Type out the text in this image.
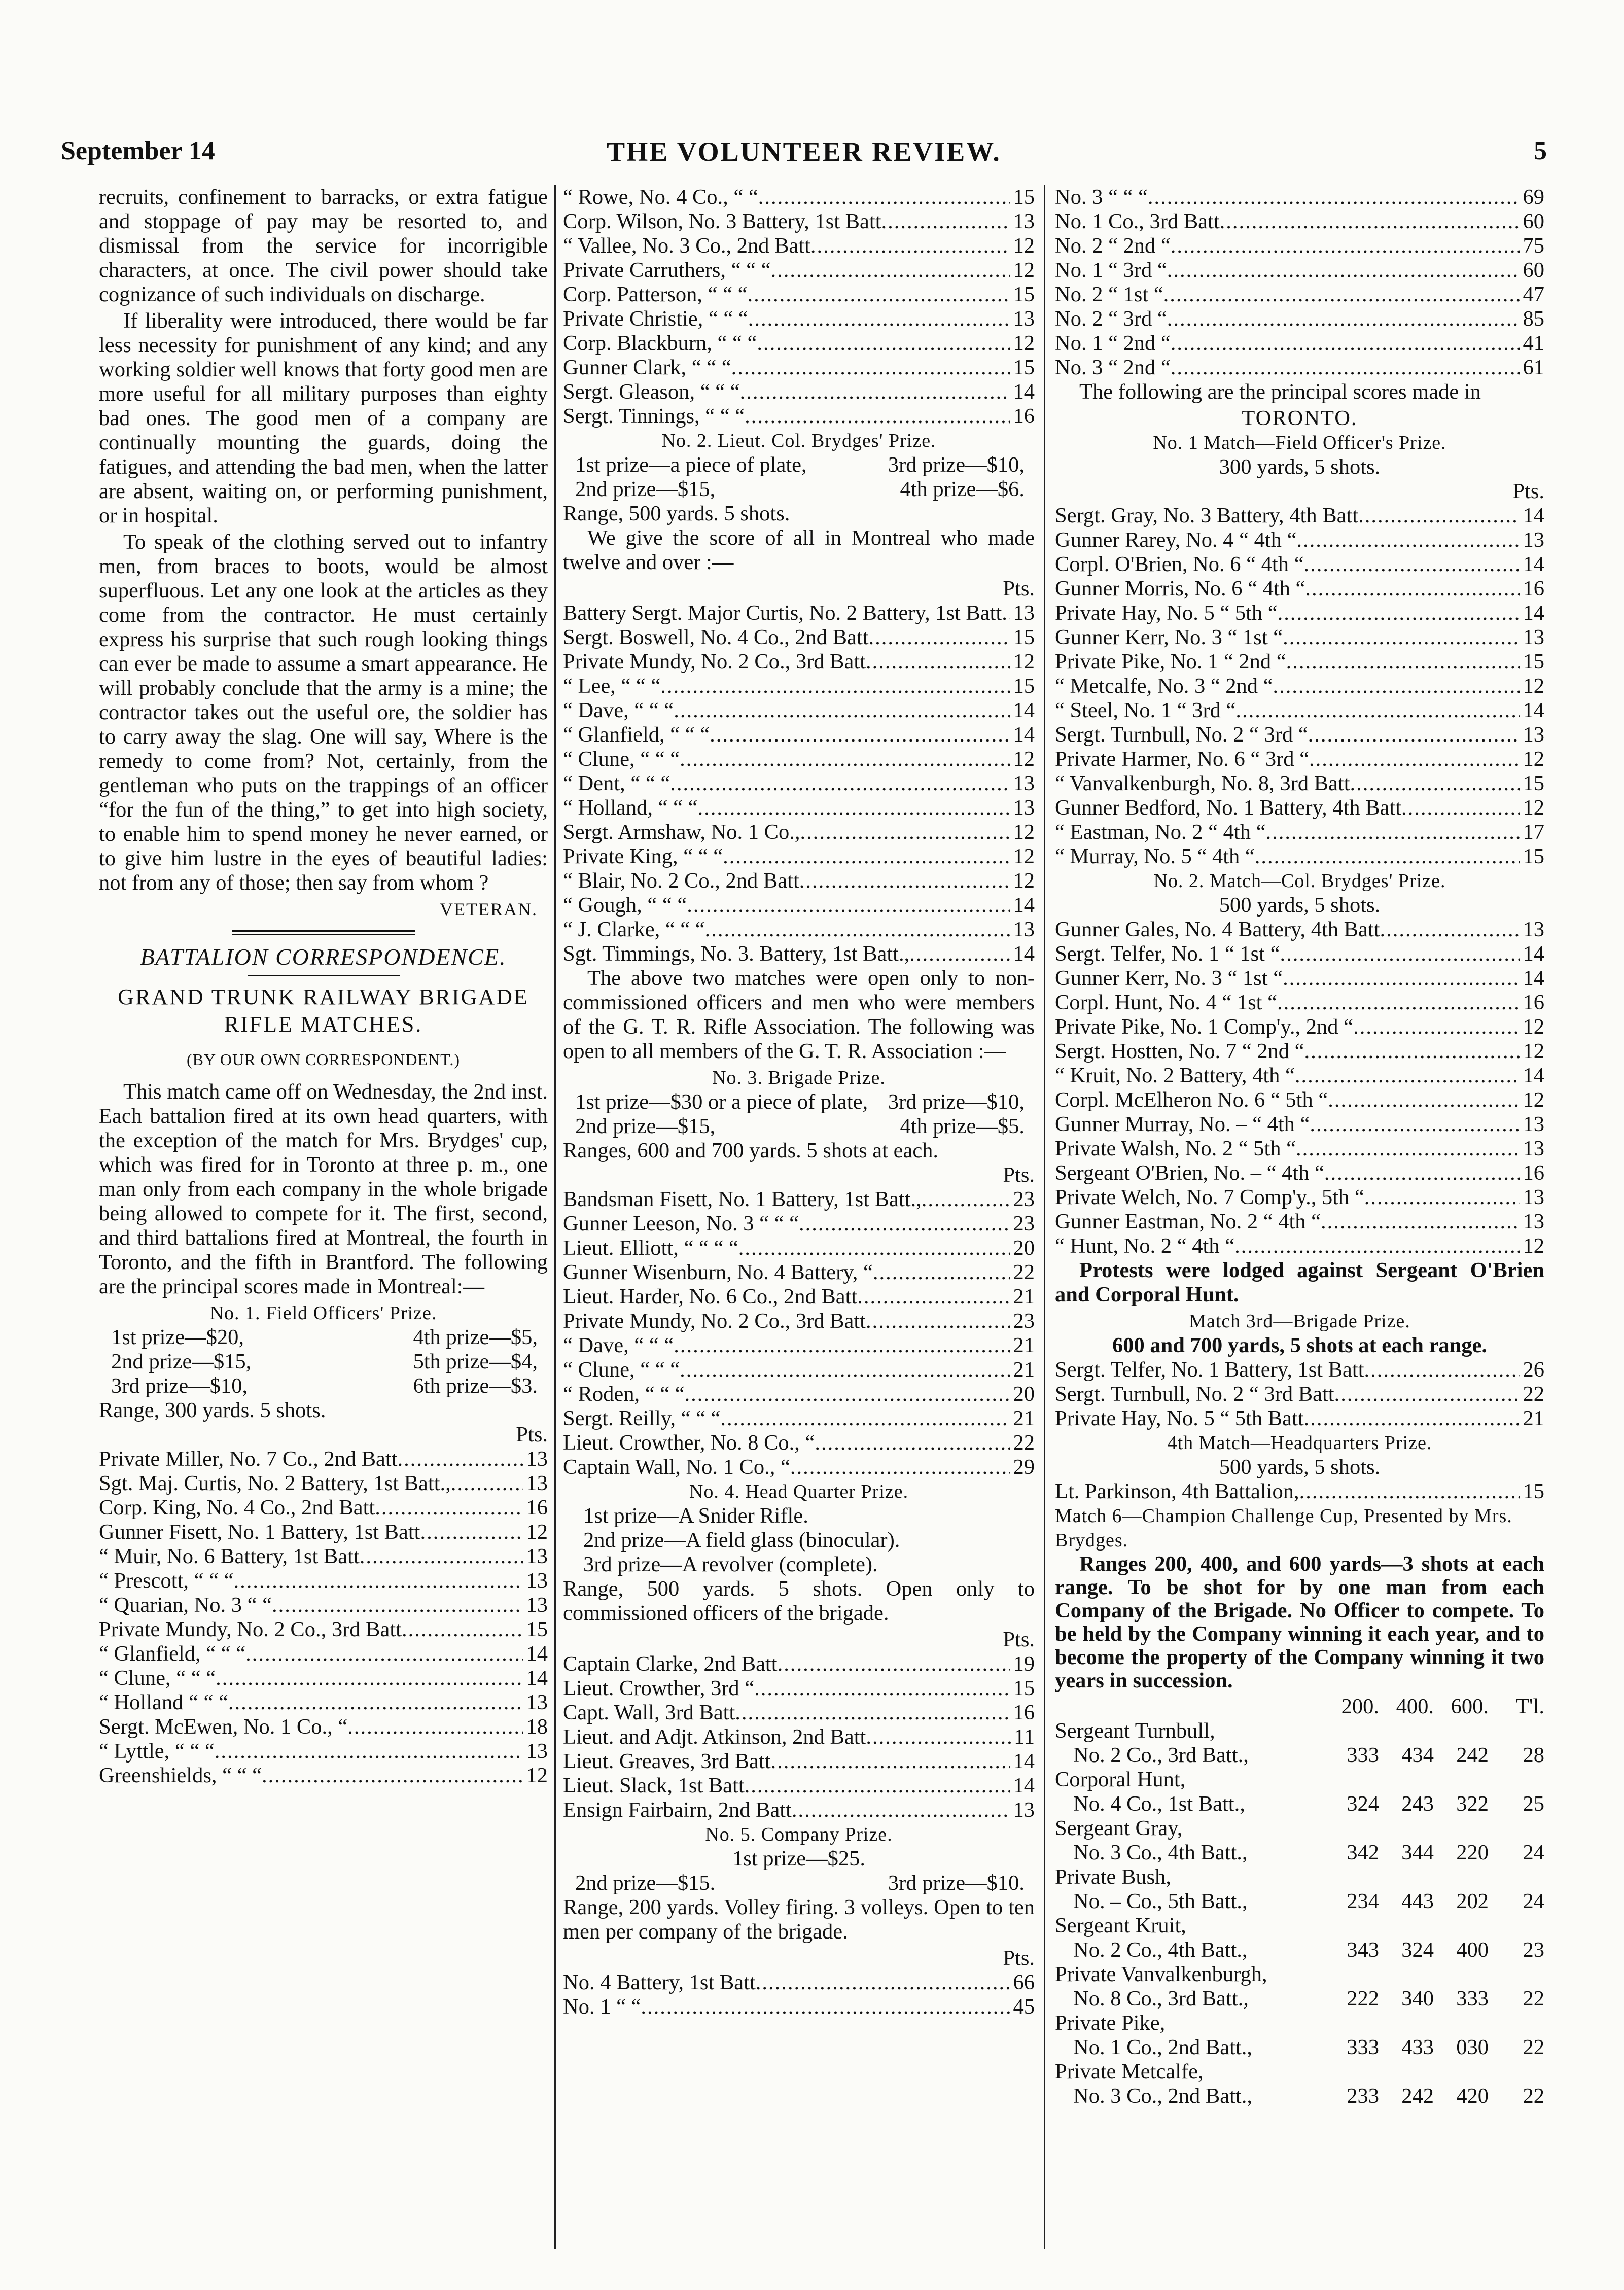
September 14	THE VOLUNTEER REVIEW.	5

recruits, confinement to barracks, or extra fatigue and stoppage of pay may be resorted to, and dismissal from the service for incorrigible characters, at once. The civil power should take cognizance of such individuals on discharge.

If liberality were introduced, there would be far less necessity for punishment of any kind; and any working soldier well knows that forty good men are more useful for all military purposes than eighty bad ones. The good men of a company are continually mounting the guards, doing the fatigues, and attending the bad men, when the latter are absent, waiting on, or performing punishment, or in hospital.

To speak of the clothing served out to infantry men, from braces to boots, would be almost superfluous. Let any one look at the articles as they come from the contractor. He must certainly express his surprise that such rough looking things can ever be made to assume a smart appearance. He will probably conclude that the army is a mine; the contractor takes out the useful ore, the soldier has to carry away the slag. One will say, Where is the remedy to come from? Not, certainly, from the gentleman who puts on the trappings of an officer “for the fun of the thing,” to get into high society, to enable him to spend money he never earned, or to give him lustre in the eyes of beautiful ladies: not from any of those; then say from whom ?

VETERAN.
BATTALION CORRESPONDENCE.
GRAND TRUNK RAILWAY BRIGADE RIFLE MATCHES.
(BY OUR OWN CORRESPONDENT.)

This match came off on Wednesday, the 2nd inst. Each battalion fired at its own head quarters, with the exception of the match for Mrs. Brydges' cup, which was fired for in Toronto at three p. m., one man only from each company in the whole brigade being allowed to compete for it. The first, second, and third battalions fired at Montreal, the fourth in Toronto, and the fifth in Brantford. The following are the principal scores made in Montreal:—

No. 1. Field Officers' Prize.
1st prize—$20,	4th prize—$5,
2nd prize—$15,	5th prize—$4,
3rd prize—$10,	6th prize—$3.
Range, 300 yards. 5 shots.
Pts.
Private Miller, No. 7 Co., 2nd Batt .....	13
Sgt. Maj. Curtis, No. 2 Battery, 1st Batt., .....	13
Corp. King, No. 4 Co., 2nd Batt .....	16
Gunner Fisett, No. 1 Battery, 1st Batt .....	12
“ Muir, No. 6 Battery, 1st Batt .....	13
“ Prescott, “ “ “ .....	13
“ Quarian, No. 3 “ “ .....	13
Private Mundy, No. 2 Co., 3rd Batt .....	15
“ Glanfield, “ “ “ .....	14
“ Clune, “ “ “ .....	14
“ Holland “ “ “ .....	13
Sergt. McEwen, No. 1 Co., “ .....	18
“ Lyttle, “ “ “ .....	13
Greenshields, “ “ “ .....	12
“ Rowe, No. 4 Co., “ “ .....	15
Corp. Wilson, No. 3 Battery, 1st Batt .....	13
“ Vallee, No. 3 Co., 2nd Batt .....	12
Private Carruthers, “ “ “ .....	12
Corp. Patterson, “ “ “ .....	15
Private Christie, “ “ “ .....	13
Corp. Blackburn, “ “ “ .....	12
Gunner Clark, “ “ “ .....	15
Sergt. Gleason, “ “ “ .....	14
Sergt. Tinnings, “ “ “ .....	16
No. 2. Lieut. Col. Brydges' Prize.
1st prize—a piece of plate,	3rd prize—$10,
2nd prize—$15,	4th prize—$6.
Range, 500 yards. 5 shots.

We give the score of all in Montreal who made twelve and over :—

Pts.
Battery Sergt. Major Curtis, No. 2 Battery, 1st Batt ..... 13
Sergt. Boswell, No. 4 Co., 2nd Batt .....	15
Private Mundy, No. 2 Co., 3rd Batt .....	12
“ Lee, “ “ “ .....	15
“ Dave, “ “ “ .....	14
“ Glanfield, “ “ “ .....	14
“ Clune, “ “ “ .....	12
“ Dent, “ “ “ .....	13
“ Holland, “ “ “ .....	13
Sergt. Armshaw, No. 1 Co., .....	12
Private King, “ “ “ .....	12
“ Blair, No. 2 Co., 2nd Batt .....	12
“ Gough, “ “ “ .....	14
“ J. Clarke, “ “ “ .....	13
Sgt. Timmings, No. 3. Battery, 1st Batt., .....	14

The above two matches were open only to non-commissioned officers and men who were members of the G. T. R. Rifle Association. The following was open to all members of the G. T. R. Association :—

No. 3. Brigade Prize.
1st prize—$30 or a piece of plate, 3rd prize—$10,
2nd prize—$15,	4th prize—$5.
Ranges, 600 and 700 yards. 5 shots at each.
Pts.
Bandsman Fisett, No. 1 Battery, 1st Batt., .....	23
Gunner Leeson, No. 3 “ “ “ .....	23
Lieut. Elliott, “ “ “ “ .....	20
Gunner Wisenburn, No. 4 Battery, “ .....	22
Lieut. Harder, No. 6 Co., 2nd Batt .....	21
Private Mundy, No. 2 Co., 3rd Batt .....	23
“ Dave, “ “ “ .....	21
“ Clune, “ “ “ .....	21
“ Roden, “ “ “ .....	20
Sergt. Reilly, “ “ “ .....	21
Lieut. Crowther, No. 8 Co., “ .....	22
Captain Wall, No. 1 Co., “ .....	29
No. 4. Head Quarter Prize.
1st prize—A Snider Rifle.
2nd prize—A field glass (binocular).
3rd prize—A revolver (complete).

Range, 500 yards. 5 shots. Open only to commissioned officers of the brigade.

Pts.
Captain Clarke, 2nd Batt .....	19
Lieut. Crowther, 3rd “ .....	15
Capt. Wall, 3rd Batt .....	16
Lieut. and Adjt. Atkinson, 2nd Batt .....	11
Lieut. Greaves, 3rd Batt .....	14
Lieut. Slack, 1st Batt .....	14
Ensign Fairbairn, 2nd Batt .....	13
No. 5. Company Prize.
1st prize—$25.
2nd prize—$15.	3rd prize—$10.

Range, 200 yards. Volley firing. 3 volleys. Open to ten men per company of the brigade.

Pts.
No. 4 Battery, 1st Batt .....	66
No. 1 “ “ .....	45
No. 3 “ “ “ .....	69
No. 1 Co., 3rd Batt .....	60
No. 2 “ 2nd “ .....	75
No. 1 “ 3rd “ .....	60
No. 2 “ 1st “ .....	47
No. 2 “ 3rd “ .....	85
No. 1 “ 2nd “ .....	41
No. 3 “ 2nd “ .....	61

The following are the principal scores made in

TORONTO.
No. 1 Match—Field Officer's Prize.
300 yards, 5 shots.
Pts.
Sergt. Gray, No. 3 Battery, 4th Batt .....	14
Gunner Rarey, No. 4 “ 4th “ .....	13
Corpl. O'Brien, No. 6 “ 4th “ .....	14
Gunner Morris, No. 6 “ 4th “ .....	16
Private Hay, No. 5 “ 5th “ .....	14
Gunner Kerr, No. 3 “ 1st “ .....	13
Private Pike, No. 1 “ 2nd “ .....	15
“ Metcalfe, No. 3 “ 2nd “ .....	12
“ Steel, No. 1 “ 3rd “ .....	14
Sergt. Turnbull, No. 2 “ 3rd “ .....	13
Private Harmer, No. 6 “ 3rd “ .....	12
“ Vanvalkenburgh, No. 8, 3rd Batt .....	15
Gunner Bedford, No. 1 Battery, 4th Batt .....	12
“ Eastman, No. 2 “ 4th “ .....	17
“ Murray, No. 5 “ 4th “ .....	15
No. 2. Match—Col. Brydges' Prize.
500 yards, 5 shots.
Gunner Gales, No. 4 Battery, 4th Batt .....	13
Sergt. Telfer, No. 1 “ 1st “ .....	14
Gunner Kerr, No. 3 “ 1st “ .....	14
Corpl. Hunt, No. 4 “ 1st “ .....	16
Private Pike, No. 1 Comp'y., 2nd “ .....	12
Sergt. Hostten, No. 7 “ 2nd “ .....	12
“ Kruit, No. 2 Battery, 4th “ .....	14
Corpl. McElheron No. 6 “ 5th “ .....	12
Gunner Murray, No. – “ 4th “ .....	13
Private Walsh, No. 2 “ 5th “ .....	13
Sergeant O'Brien, No. – “ 4th “ .....	16
Private Welch, No. 7 Comp'y., 5th “ .....	13
Gunner Eastman, No. 2 “ 4th “ .....	13
“ Hunt, No. 2 “ 4th “ .....	12

Protests were lodged against Sergeant O'Brien and Corporal Hunt.

Match 3rd—Brigade Prize.
600 and 700 yards, 5 shots at each range.
Sergt. Telfer, No. 1 Battery, 1st Batt .....	26
Sergt. Turnbull, No. 2 “ 3rd Batt .....	22
Private Hay, No. 5 “ 5th Batt .....	21
4th Match—Headquarters Prize.
500 yards, 5 shots.
Lt. Parkinson, 4th Battalion, .....	15
Match 6—Champion Challenge Cup, Presented by Mrs. Brydges.

Ranges 200, 400, and 600 yards—3 shots at each range. To be shot for by one man from each Company of the Brigade. No Officer to compete. To be held by the Company winning it each year, and to become the property of the Company winning it two years in succession.

200. 400. 600.	T'l.
Sergeant Turnbull,
No. 2 Co., 3rd Batt.,	333	434	242	28
Corporal Hunt,
No. 4 Co., 1st Batt.,	324	243	322	25
Sergeant Gray,
No. 3 Co., 4th Batt.,	342	344	220	24
Private Bush,
No. – Co., 5th Batt.,	234	443	202	24
Sergeant Kruit,
No. 2 Co., 4th Batt.,	343	324	400	23
Private Vanvalkenburgh,
No. 8 Co., 3rd Batt.,	222	340	333	22
Private Pike,
No. 1 Co., 2nd Batt.,	333	433	030	22
Private Metcalfe,
No. 3 Co., 2nd Batt.,	233	242	420	22
